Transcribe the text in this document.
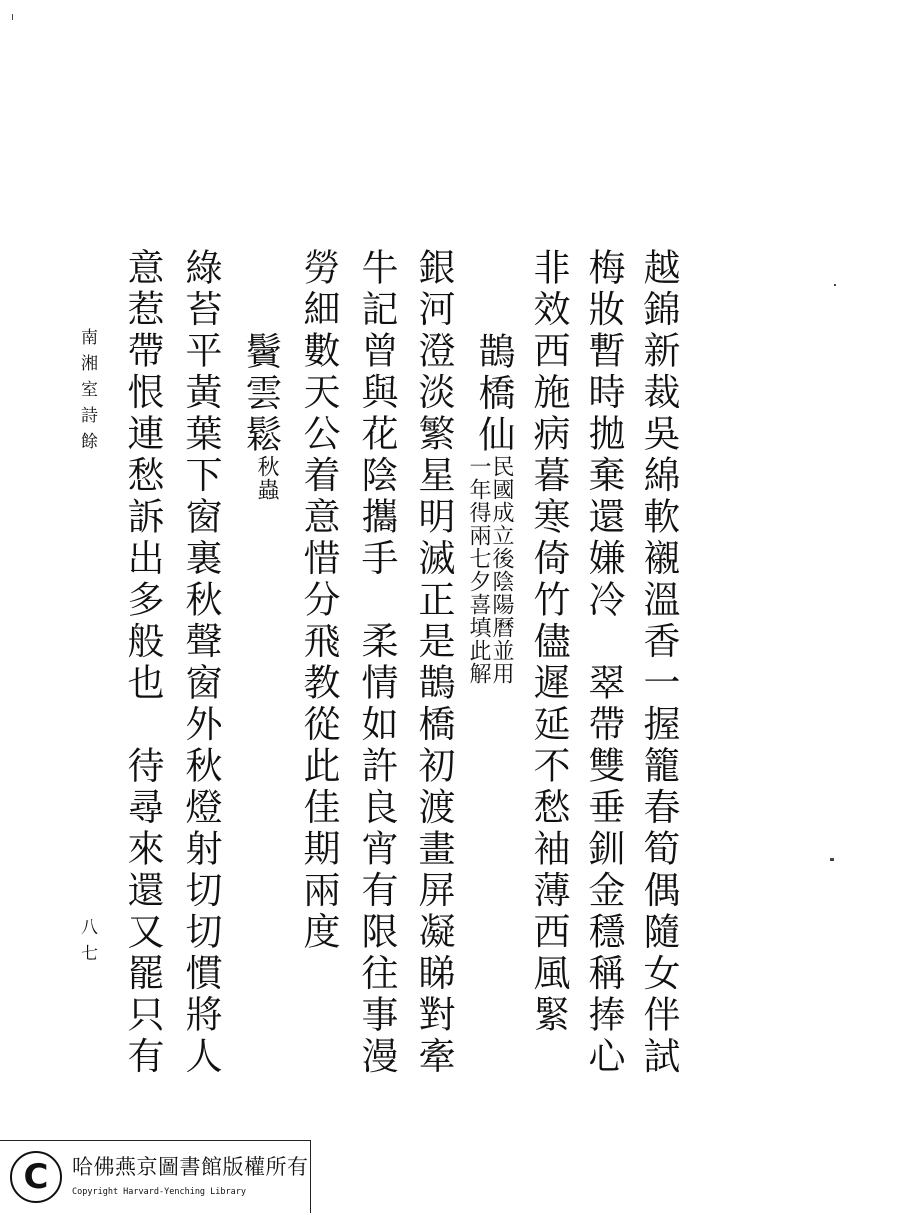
南湘室詩餘
八七	越錦新裁吳綿軟襯溫香一握籠春筍偶隨女伴試
梅妝暫時拋棄還嫌冷　翠帶雙垂釧金穩稱捧心
非效西施病暮寒倚竹儘遲延不愁袖薄西風緊
鵲橋仙
銀河澄淡繁星明滅正是鵲橋初渡畫屏凝睇對牽
牛記曾與花陰攜手　柔情如許良宵有限往事漫
勞細數天公着意惜分飛教從此佳期兩度
鬢雲鬆
綠苔平黃葉下窗裏秋聲窗外秋燈射切切慣將人
意惹帶恨連愁訴出多般也　待尋來還又罷只有	民國成立後陰陽曆並用
一年得兩七夕喜填此解
秋蟲
C	哈佛燕京圖書館版權所有
Copyright Harvard-Yenching Library
